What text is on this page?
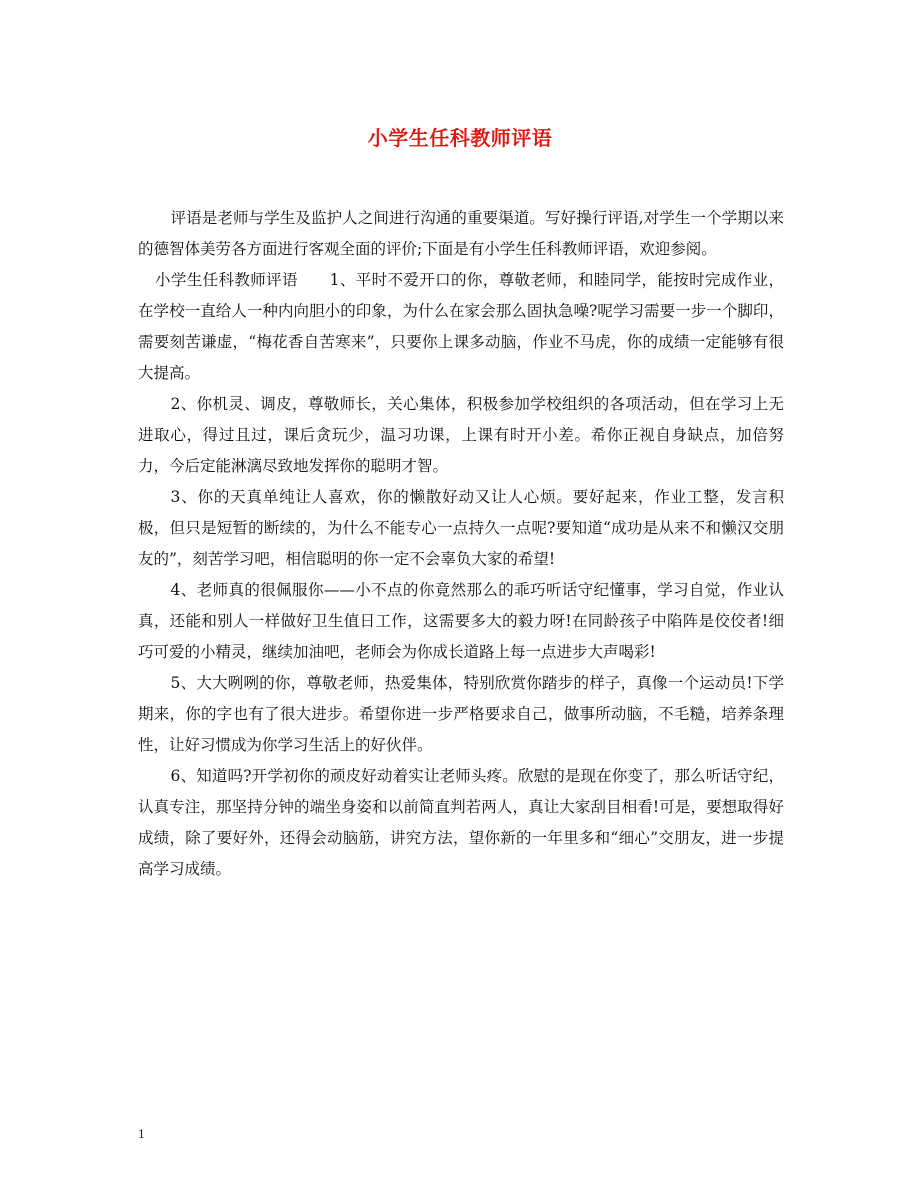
小学生任科教师评语

评语是老师与学生及监护人之间进行沟通的重要渠道。写好操行评语,对学生一个学期以来的德智体美劳各方面进行客观全面的评价;下面是有小学生任科教师评语，欢迎参阅。

小学生任科教师评语　　1、平时不爱开口的你，尊敬老师，和睦同学，能按时完成作业，在学校一直给人一种内向胆小的印象，为什么在家会那么固执急噪?呢学习需要一步一个脚印，需要刻苦谦虚，“梅花香自苦寒来”，只要你上课多动脑，作业不马虎，你的成绩一定能够有很大提高。

2、你机灵、调皮，尊敬师长，关心集体，积极参加学校组织的各项活动，但在学习上无进取心，得过且过，课后贪玩少，温习功课，上课有时开小差。希你正视自身缺点，加倍努力，今后定能淋漓尽致地发挥你的聪明才智。

3、你的天真单纯让人喜欢，你的懒散好动又让人心烦。要好起来，作业工整，发言积极，但只是短暂的断续的，为什么不能专心一点持久一点呢?要知道“成功是从来不和懒汉交朋友的”，刻苦学习吧，相信聪明的你一定不会辜负大家的希望!

4、老师真的很佩服你——小不点的你竟然那么的乖巧听话守纪懂事，学习自觉，作业认真，还能和别人一样做好卫生值日工作，这需要多大的毅力呀!在同龄孩子中陷阵是佼佼者!细巧可爱的小精灵，继续加油吧，老师会为你成长道路上每一点进步大声喝彩!

5、大大咧咧的你，尊敬老师，热爱集体，特别欣赏你踏步的样子，真像一个运动员!下学期来，你的字也有了很大进步。希望你进一步严格要求自己，做事所动脑，不毛糙，培养条理性，让好习惯成为你学习生活上的好伙伴。

6、知道吗?开学初你的顽皮好动着实让老师头疼。欣慰的是现在你变了，那么听话守纪，认真专注，那坚持分钟的端坐身姿和以前简直判若两人，真让大家刮目相看!可是，要想取得好成绩，除了要好外，还得会动脑筋，讲究方法，望你新的一年里多和“细心”交朋友，进一步提高学习成绩。

1
